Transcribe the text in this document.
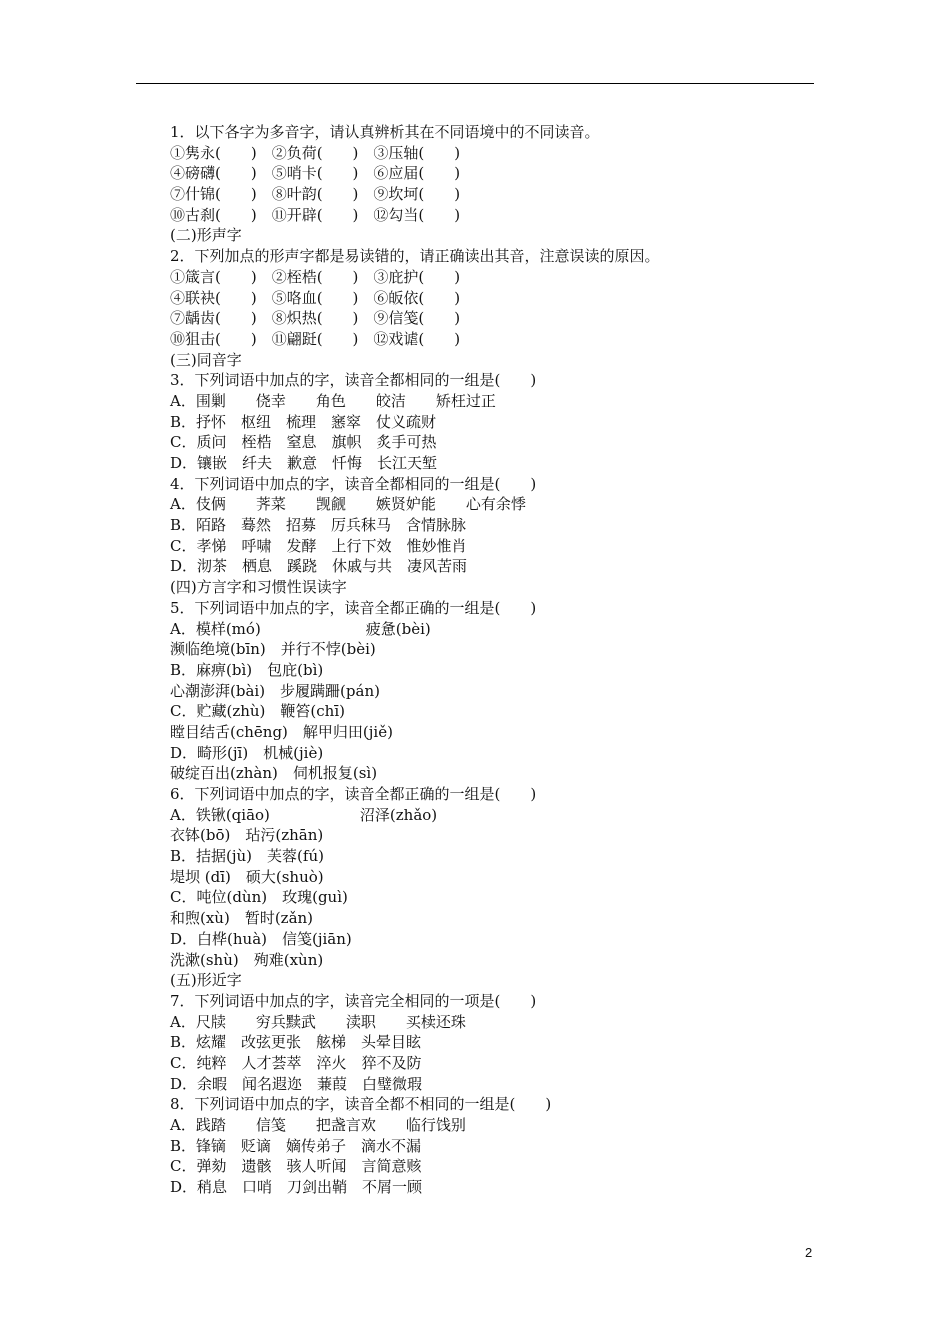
1．以下各字为多音字，请认真辨析其在不同语境中的不同读音。
①隽永(　　)　②负荷(　　)　③压轴(　　)
④磅礴(　　)　⑤哨卡(　　)　⑥应届(　　)
⑦什锦(　　)　⑧叶韵(　　)　⑨坎坷(　　)
⑩古刹(　　)　⑪开辟(　　)　⑫勾当(　　)
(二)形声字
2．下列加点的形声字都是易读错的，请正确读出其音，注意误读的原因。
①箴言(　　)　②桎梏(　　)　③庇护(　　)
④联袂(　　)　⑤咯血(　　)　⑥皈依(　　)
⑦龋齿(　　)　⑧炽热(　　)　⑨信笺(　　)
⑩狙击(　　)　⑪翩跹(　　)　⑫戏谑(　　)
(三)同音字
3．下列词语中加点的字，读音全都相同的一组是(　　)
A．围剿　　侥幸　　角色　　皎洁　　矫枉过正
B．抒怀　枢纽　梳理　窸窣　仗义疏财
C．质问　桎梏　窒息　旗帜　炙手可热
D．镶嵌　纤夫　歉意　忏悔　长江天堑
4．下列词语中加点的字，读音全都相同的一组是(　　)
A．伎俩　　荠菜　　觊觎　　嫉贤妒能　　心有余悸
B．陌路　蓦然　招募　厉兵秣马　含情脉脉
C．孝悌　呼啸　发酵　上行下效　惟妙惟肖
D．沏茶　栖息　蹊跷　休戚与共　凄风苦雨
(四)方言字和习惯性误读字
5．下列词语中加点的字，读音全都正确的一组是(　　)
A．模样(mó)　　　　　　　疲惫(bèi)
濒临绝境(bīn)　并行不悖(bèi)
B．麻痹(bì)　包庇(bì)
心潮澎湃(bài)　步履蹒跚(pán)
C．贮藏(zhù)　鞭笞(chī)
瞠目结舌(chēng)　解甲归田(jiě)
D．畸形(jī)　机械(jiè)
破绽百出(zhàn)　伺机报复(sì)
6．下列词语中加点的字，读音全都正确的一组是(　　)
A．铁锹(qiāo)　　　　　　沼泽(zhǎo)
衣钵(bō)　玷污(zhān)
B．拮据(jù)　芙蓉(fú)
堤坝 (dī)　硕大(shuò)
C．吨位(dùn)　玫瑰(guì)
和煦(xù)　暂时(zǎn)
D．白桦(huà)　信笺(jiān)
洗漱(shù)　殉难(xùn)
(五)形近字
7．下列词语中加点的字，读音完全相同的一项是(　　)
A．尺牍　　穷兵黩武　　渎职　　买椟还珠
B．炫耀　改弦更张　舷梯　头晕目眩
C．纯粹　人才荟萃　淬火　猝不及防
D．余暇　闻名遐迩　蒹葭　白璧微瑕
8．下列词语中加点的字，读音全都不相同的一组是(　　)
A．践踏　　信笺　　把盏言欢　　临行饯别
B．锋镝　贬谪　嫡传弟子　滴水不漏
C．弹劾　遗骸　骇人听闻　言简意赅
D．稍息　口哨　刀剑出鞘　不屑一顾
2
